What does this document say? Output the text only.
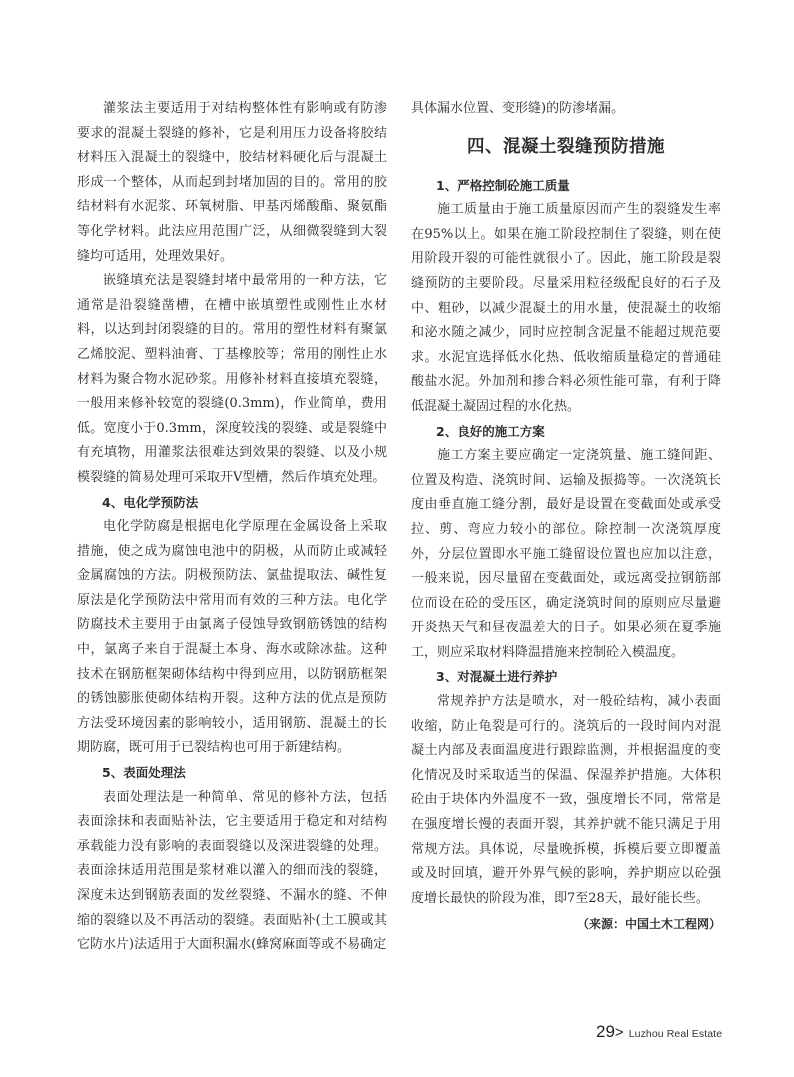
灌浆法主要适用于对结构整体性有影响或有防渗要求的混凝土裂缝的修补，它是利用压力设备将胶结材料压入混凝土的裂缝中，胶结材料硬化后与混凝土形成一个整体，从而起到封堵加固的目的。常用的胶结材料有水泥浆、环氧树脂、甲基丙烯酸酯、聚氨酯等化学材料。此法应用范围广泛，从细微裂缝到大裂缝均可适用，处理效果好。

嵌缝填充法是裂缝封堵中最常用的一种方法，它通常是沿裂缝凿槽，在槽中嵌填塑性或刚性止水材料，以达到封闭裂缝的目的。常用的塑性材料有聚氯乙烯胶泥、塑料油膏、丁基橡胶等；常用的刚性止水材料为聚合物水泥砂浆。用修补材料直接填充裂缝，一般用来修补较宽的裂缝(0.3mm)，作业简单，费用低。宽度小于0.3mm，深度较浅的裂缝、或是裂缝中有充填物，用灌浆法很难达到效果的裂缝、以及小规模裂缝的简易处理可采取开V型槽，然后作填充处理。

4、电化学预防法

电化学防腐是根据电化学原理在金属设备上采取措施，使之成为腐蚀电池中的阴极，从而防止或减轻金属腐蚀的方法。阴极预防法、氯盐提取法、碱性复原法是化学预防法中常用而有效的三种方法。电化学防腐技术主要用于由氯离子侵蚀导致钢筋锈蚀的结构中，氯离子来自于混凝土本身、海水或除冰盐。这种技术在钢筋框架砌体结构中得到应用，以防钢筋框架的锈蚀膨胀使砌体结构开裂。这种方法的优点是预防方法受环境因素的影响较小，适用钢筋、混凝土的长期防腐，既可用于已裂结构也可用于新建结构。

5、表面处理法

表面处理法是一种简单、常见的修补方法，包括表面涂抹和表面贴补法，它主要适用于稳定和对结构承载能力没有影响的表面裂缝以及深进裂缝的处理。表面涂抹适用范围是浆材难以灌入的细而浅的裂缝，深度未达到钢筋表面的发丝裂缝、不漏水的缝、不伸缩的裂缝以及不再活动的裂缝。表面贴补(土工膜或其它防水片)法适用于大面积漏水(蜂窝麻面等或不易确定

具体漏水位置、变形缝)的防渗堵漏。

四、混凝土裂缝预防措施

1、严格控制砼施工质量

施工质量由于施工质量原因而产生的裂缝发生率在95%以上。如果在施工阶段控制住了裂缝，则在使用阶段开裂的可能性就很小了。因此，施工阶段是裂缝预防的主要阶段。尽量采用粒径级配良好的石子及中、粗砂，以减少混凝土的用水量，使混凝土的收缩和泌水随之减少，同时应控制含泥量不能超过规范要求。水泥宜选择低水化热、低收缩质量稳定的普通硅酸盐水泥。外加剂和掺合料必须性能可靠，有利于降低混凝土凝固过程的水化热。

2、良好的施工方案

施工方案主要应确定一定浇筑量、施工缝间距、位置及构造、浇筑时间、运输及振捣等。一次浇筑长度由垂直施工缝分割，最好是设置在变截面处或承受拉、剪、弯应力较小的部位。除控制一次浇筑厚度外，分层位置即水平施工缝留设位置也应加以注意，一般来说，因尽量留在变截面处，或远离受拉钢筋部位而设在砼的受压区，确定浇筑时间的原则应尽量避开炎热天气和昼夜温差大的日子。如果必须在夏季施工，则应采取材料降温措施来控制砼入模温度。

3、对混凝土进行养护

常规养护方法是喷水，对一般砼结构，减小表面收缩，防止龟裂是可行的。浇筑后的一段时间内对混凝土内部及表面温度进行跟踪监测，并根据温度的变化情况及时采取适当的保温、保湿养护措施。大体积砼由于块体内外温度不一致，强度增长不同，常常是在强度增长慢的表面开裂，其养护就不能只满足于用常规方法。具体说，尽量晚拆模，拆模后要立即覆盖或及时回填，避开外界气候的影响，养护期应以砼强度增长最快的阶段为准，即7至28天，最好能长些。

（来源：中国土木工程网）

29 > Luzhou Real Estate
